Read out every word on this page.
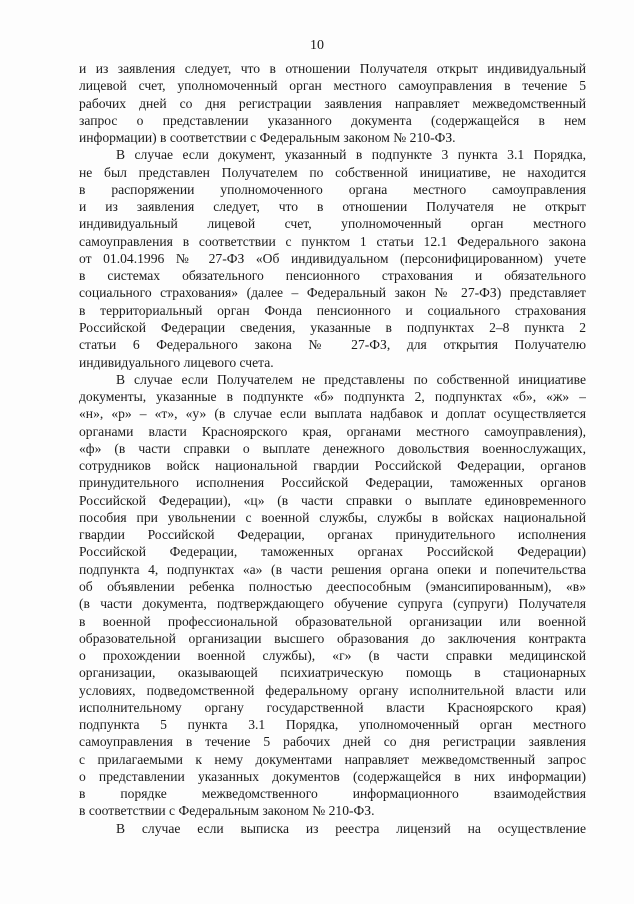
10
и из заявления следует, что в отношении Получателя открыт индивидуальный
лицевой счет, уполномоченный орган местного самоуправления в течение 5
рабочих дней со дня регистрации заявления направляет межведомственный
запрос о представлении указанного документа (содержащейся в нем
информации) в соответствии с Федеральным законом № 210-ФЗ.
В случае если документ, указанный в подпункте 3 пункта 3.1 Порядка,
не был представлен Получателем по собственной инициативе, не находится
в распоряжении уполномоченного органа местного самоуправления
и из заявления следует, что в отношении Получателя не открыт
индивидуальный лицевой счет, уполномоченный орган местного
самоуправления в соответствии с пунктом 1 статьи 12.1 Федерального закона
от 01.04.1996 № 27-ФЗ «Об индивидуальном (персонифицированном) учете
в системах обязательного пенсионного страхования и обязательного
социального страхования» (далее – Федеральный закон № 27-ФЗ) представляет
в территориальный орган Фонда пенсионного и социального страхования
Российской Федерации сведения, указанные в подпунктах 2–8 пункта 2
статьи 6 Федерального закона № 27-ФЗ, для открытия Получателю
индивидуального лицевого счета.
В случае если Получателем не представлены по собственной инициативе
документы, указанные в подпункте «б» подпункта 2, подпунктах «б», «ж» –
«н», «р» – «т», «у» (в случае если выплата надбавок и доплат осуществляется
органами власти Красноярского края, органами местного самоуправления),
«ф» (в части справки о выплате денежного довольствия военнослужащих,
сотрудников войск национальной гвардии Российской Федерации, органов
принудительного исполнения Российской Федерации, таможенных органов
Российской Федерации), «ц» (в части справки о выплате единовременного
пособия при увольнении с военной службы, службы в войсках национальной
гвардии Российской Федерации, органах принудительного исполнения
Российской Федерации, таможенных органах Российской Федерации)
подпункта 4, подпунктах «а» (в части решения органа опеки и попечительства
об объявлении ребенка полностью дееспособным (эмансипированным), «в»
(в части документа, подтверждающего обучение супруга (супруги) Получателя
в военной профессиональной образовательной организации или военной
образовательной организации высшего образования до заключения контракта
о прохождении военной службы), «г» (в части справки медицинской
организации, оказывающей психиатрическую помощь в стационарных
условиях, подведомственной федеральному органу исполнительной власти или
исполнительному органу государственной власти Красноярского края)
подпункта 5 пункта 3.1 Порядка, уполномоченный орган местного
самоуправления в течение 5 рабочих дней со дня регистрации заявления
с прилагаемыми к нему документами направляет межведомственный запрос
о представлении указанных документов (содержащейся в них информации)
в порядке межведомственного информационного взаимодействия
в соответствии с Федеральным законом № 210-ФЗ.
В случае если выписка из реестра лицензий на осуществление
